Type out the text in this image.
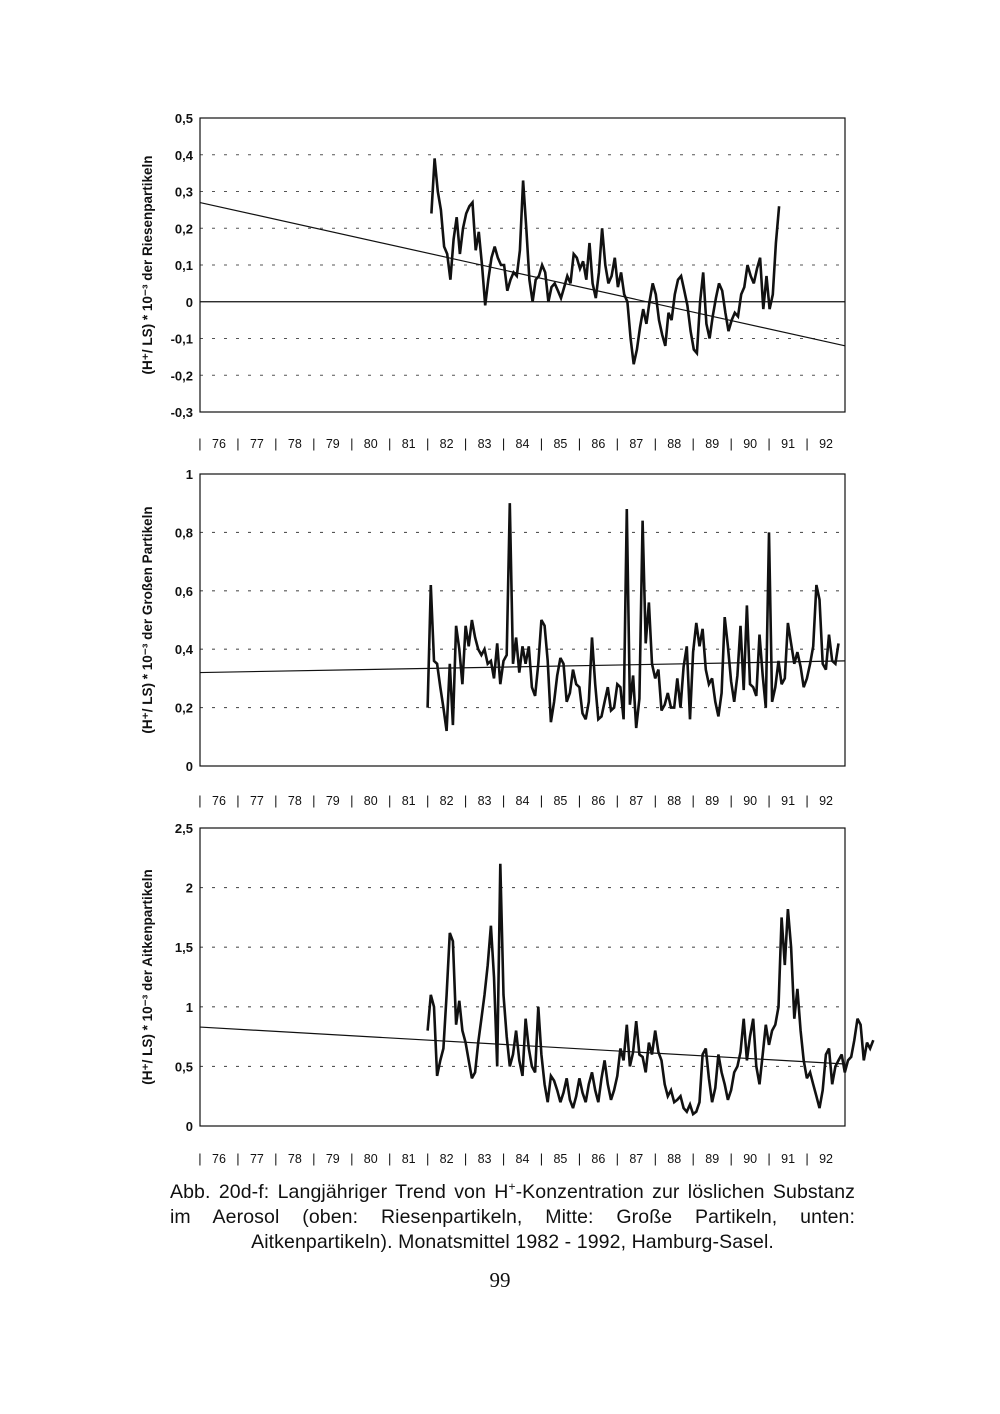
0,5
0,4
0,3
0,2
0,1
0
-0,1
-0,2
-0,3
(H⁺/ LS) * 10⁻³ der Riesenpartikeln
| 76 | 77 | 78 | 79 | 80 | 81 | 82 | 83 | 84 | 85 | 86 | 87 | 88 | 89 | 90 | 91 | 92
1
0,8
0,6
0,4
0,2
0
(H⁺/ LS) * 10⁻³ der Großen Partikeln
| 76 | 77 | 78 | 79 | 80 | 81 | 82 | 83 | 84 | 85 | 86 | 87 | 88 | 89 | 90 | 91 | 92
2,5
2
1,5
1
0,5
0
(H⁺/ LS) * 10⁻³ der Aitkenpartikeln
| 76 | 77 | 78 | 79 | 80 | 81 | 82 | 83 | 84 | 85 | 86 | 87 | 88 | 89 | 90 | 91 | 92
Abb. 20d-f: Langjähriger Trend von H+-Konzentration zur löslichen Substanz im Aerosol (oben: Riesenpartikeln, Mitte: Große Partikeln, unten: Aitkenpartikeln). Monatsmittel 1982 - 1992, Hamburg-Sasel.
99
